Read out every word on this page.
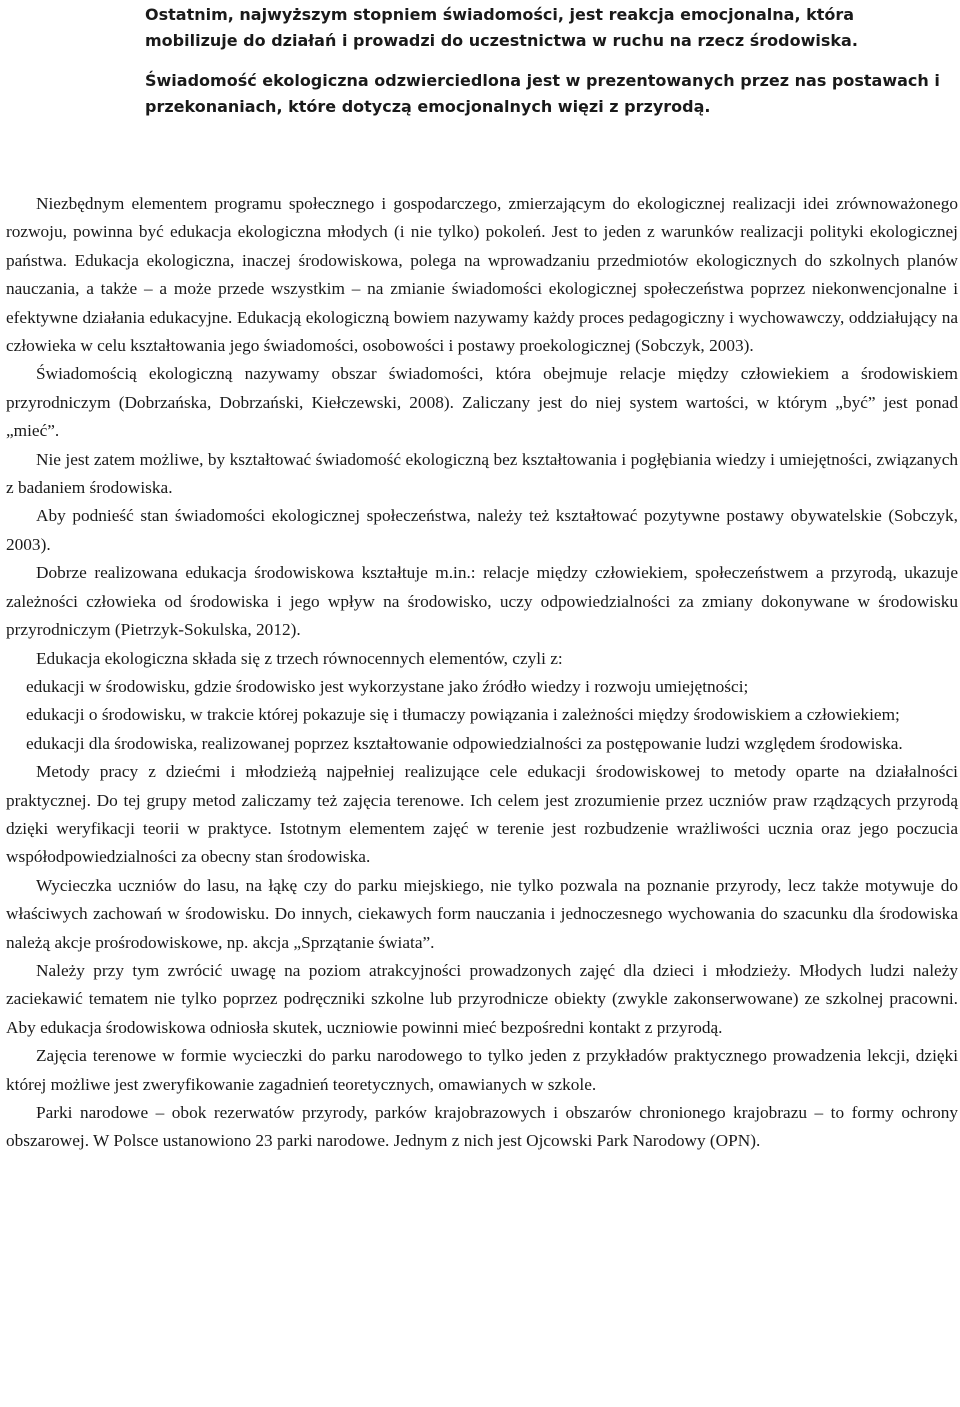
Ostatnim, najwyższym stopniem świadomości, jest reakcja emocjonalna, która mobilizuje do działań i prowadzi do uczestnictwa w ruchu na rzecz środowiska.

Świadomość ekologiczna odzwierciedlona jest w prezentowanych przez nas postawach i przekonaniach, które dotyczą emocjonalnych więzi z przyrodą.

Niezbędnym elementem programu społecznego i gospodarczego, zmierzającym do ekologicznej realizacji idei zrównoważonego rozwoju, powinna być edukacja ekologiczna młodych (i nie tylko) pokoleń. Jest to jeden z warunków realizacji polityki ekologicznej państwa. Edukacja ekologiczna, inaczej środowiskowa, polega na wprowadzaniu przedmiotów ekologicznych do szkolnych planów nauczania, a także – a może przede wszystkim – na zmianie świadomości ekologicznej społeczeństwa poprzez niekonwencjonalne i efektywne działania edukacyjne. Edukacją ekologiczną bowiem nazywamy każdy proces pedagogiczny i wychowawczy, oddziałujący na człowieka w celu kształtowania jego świadomości, osobowości i postawy proekologicznej (Sobczyk, 2003).

Świadomością ekologiczną nazywamy obszar świadomości, która obejmuje relacje między człowiekiem a środowiskiem przyrodniczym (Dobrzańska, Dobrzański, Kiełczewski, 2008). Zaliczany jest do niej system wartości, w którym „być” jest ponad „mieć”.

Nie jest zatem możliwe, by kształtować świadomość ekologiczną bez kształtowania i pogłębiania wiedzy i umiejętności, związanych z badaniem środowiska.

Aby podnieść stan świadomości ekologicznej społeczeństwa, należy też kształtować pozytywne postawy obywatelskie (Sobczyk, 2003).

Dobrze realizowana edukacja środowiskowa kształtuje m.in.: relacje między człowiekiem, społeczeństwem a przyrodą, ukazuje zależności człowieka od środowiska i jego wpływ na środowisko, uczy odpowiedzialności za zmiany dokonywane w środowisku przyrodniczym (Pietrzyk-Sokulska, 2012).

Edukacja ekologiczna składa się z trzech równocennych elementów, czyli z:

edukacji w środowisku, gdzie środowisko jest wykorzystane jako źródło wiedzy i rozwoju umiejętności;

edukacji o środowisku, w trakcie której pokazuje się i tłumaczy powiązania i zależności między środowiskiem a człowiekiem;

edukacji dla środowiska, realizowanej poprzez kształtowanie odpowiedzialności za postępowanie ludzi względem środowiska.

Metody pracy z dziećmi i młodzieżą najpełniej realizujące cele edukacji środowiskowej to metody oparte na działalności praktycznej. Do tej grupy metod zaliczamy też zajęcia terenowe. Ich celem jest zrozumienie przez uczniów praw rządzących przyrodą dzięki weryfikacji teorii w praktyce. Istotnym elementem zajęć w terenie jest rozbudzenie wrażliwości ucznia oraz jego poczucia współodpowiedzialności za obecny stan środowiska.

Wycieczka uczniów do lasu, na łąkę czy do parku miejskiego, nie tylko pozwala na poznanie przyrody, lecz także motywuje do właściwych zachowań w środowisku. Do innych, ciekawych form nauczania i jednoczesnego wychowania do szacunku dla środowiska należą akcje prośrodowiskowe, np. akcja „Sprzątanie świata”.

Należy przy tym zwrócić uwagę na poziom atrakcyjności prowadzonych zajęć dla dzieci i młodzieży. Młodych ludzi należy zaciekawić tematem nie tylko poprzez podręczniki szkolne lub przyrodnicze obiekty (zwykle zakonserwowane) ze szkolnej pracowni. Aby edukacja środowiskowa odniosła skutek, uczniowie powinni mieć bezpośredni kontakt z przyrodą.

Zajęcia terenowe w formie wycieczki do parku narodowego to tylko jeden z przykładów praktycznego prowadzenia lekcji, dzięki której możliwe jest zweryfikowanie zagadnień teoretycznych, omawianych w szkole.

Parki narodowe – obok rezerwatów przyrody, parków krajobrazowych i obszarów chronionego krajobrazu – to formy ochrony obszarowej. W Polsce ustanowiono 23 parki narodowe. Jednym z nich jest Ojcowski Park Narodowy (OPN).
